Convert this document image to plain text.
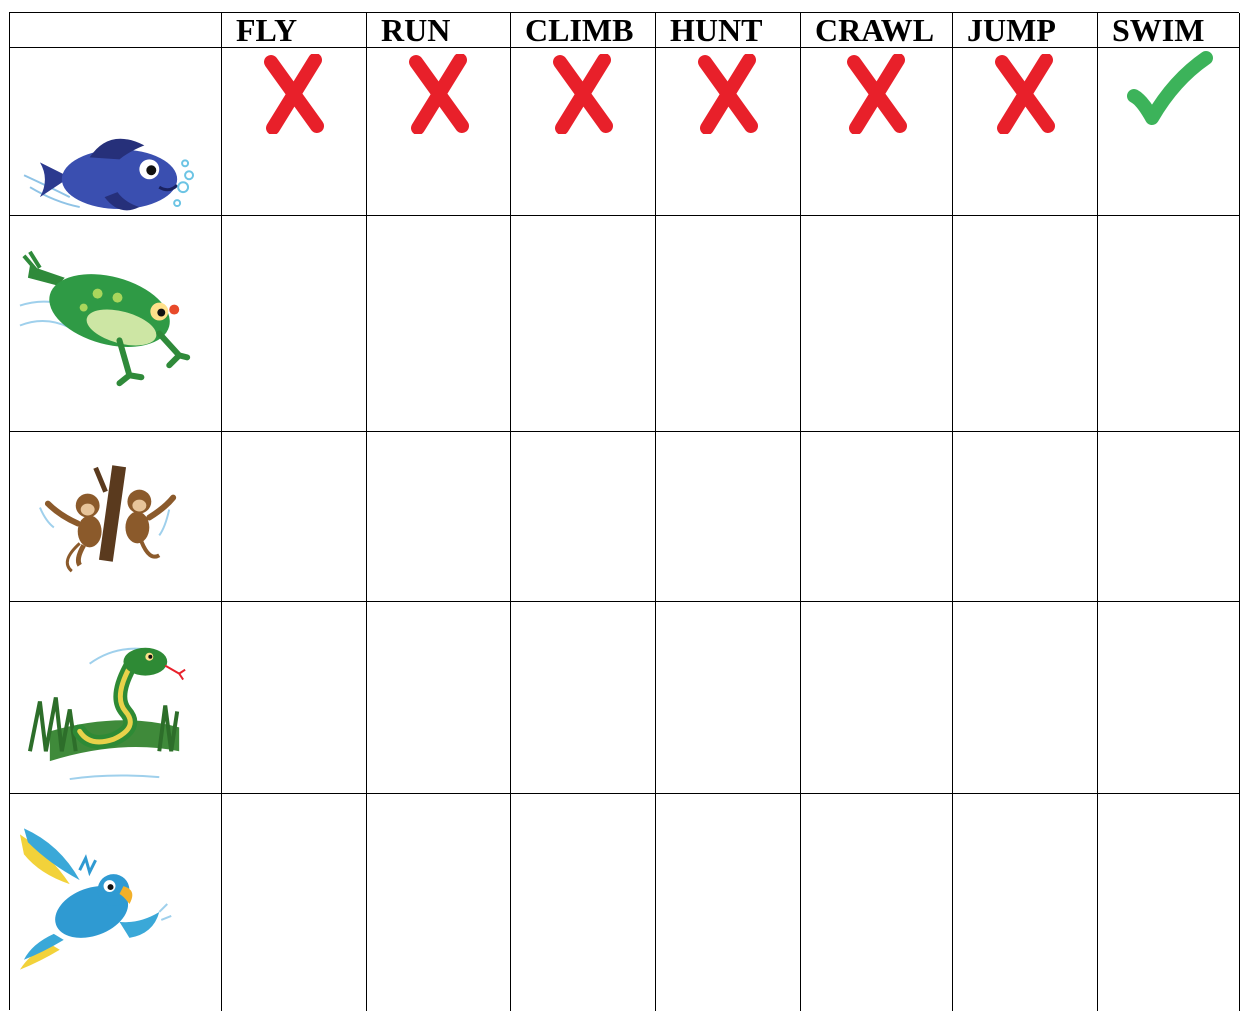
FLY	RUN	CLIMB	HUNT	CRAWL	JUMP	SWIM
